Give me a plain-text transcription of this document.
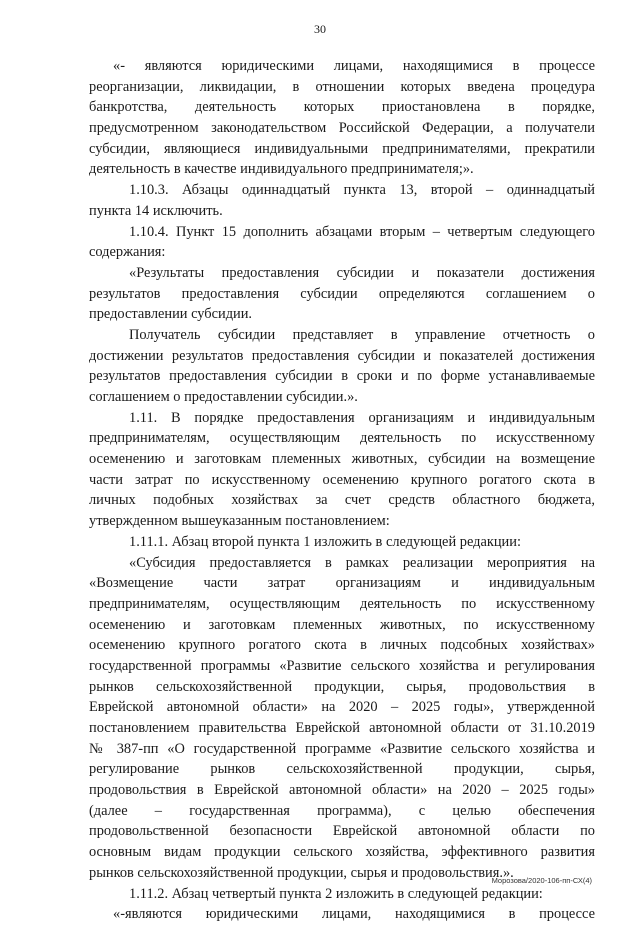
30
«- являются юридическими лицами, находящимися в процессе
реорганизации, ликвидации, в отношении которых введена процедура
банкротства, деятельность которых приостановлена в порядке,
предусмотренном законодательством Российской Федерации, а получатели
субсидии, являющиеся индивидуальными предпринимателями, прекратили
деятельность в качестве индивидуального предпринимателя;».
1.10.3. Абзацы одиннадцатый пункта 13, второй – одиннадцатый
пункта 14 исключить.
1.10.4. Пункт 15 дополнить абзацами вторым – четвертым следующего
содержания:
«Результаты предоставления субсидии и показатели достижения
результатов предоставления субсидии определяются соглашением о
предоставлении субсидии.
Получатель субсидии представляет в управление отчетность о
достижении результатов предоставления субсидии и показателей достижения
результатов предоставления субсидии в сроки и по форме устанавливаемые
соглашением о предоставлении субсидии.».
1.11. В порядке предоставления организациям и индивидуальным
предпринимателям, осуществляющим деятельность по искусственному
осеменению и заготовкам племенных животных, субсидии на возмещение
части затрат по искусственному осеменению крупного рогатого скота в
личных подобных хозяйствах за счет средств областного бюджета,
утвержденном вышеуказанным постановлением:
1.11.1. Абзац второй пункта 1 изложить в следующей редакции:
«Субсидия предоставляется в рамках реализации мероприятия на
«Возмещение части затрат организациям и индивидуальным
предпринимателям, осуществляющим деятельность по искусственному
осеменению и заготовкам племенных животных, по искусственному
осеменению крупного рогатого скота в личных подсобных хозяйствах»
государственной программы «Развитие сельского хозяйства и регулирования
рынков сельскохозяйственной продукции, сырья, продовольствия в
Еврейской автономной области» на 2020 – 2025 годы», утвержденной
постановлением правительства Еврейской автономной области от 31.10.2019
№ 387-пп «О государственной программе «Развитие сельского хозяйства и
регулирование рынков сельскохозяйственной продукции, сырья,
продовольствия в Еврейской автономной области» на 2020 – 2025 годы»
(далее – государственная программа), с целью обеспечения
продовольственной безопасности Еврейской автономной области по
основным видам продукции сельского хозяйства, эффективного развития
рынков сельскохозяйственной продукции, сырья и продовольствия.».
1.11.2. Абзац четвертый пункта 2 изложить в следующей редакции:
«-являются юридическими лицами, находящимися в процессе
Морозова/2020-106-пп-СХ(4)
